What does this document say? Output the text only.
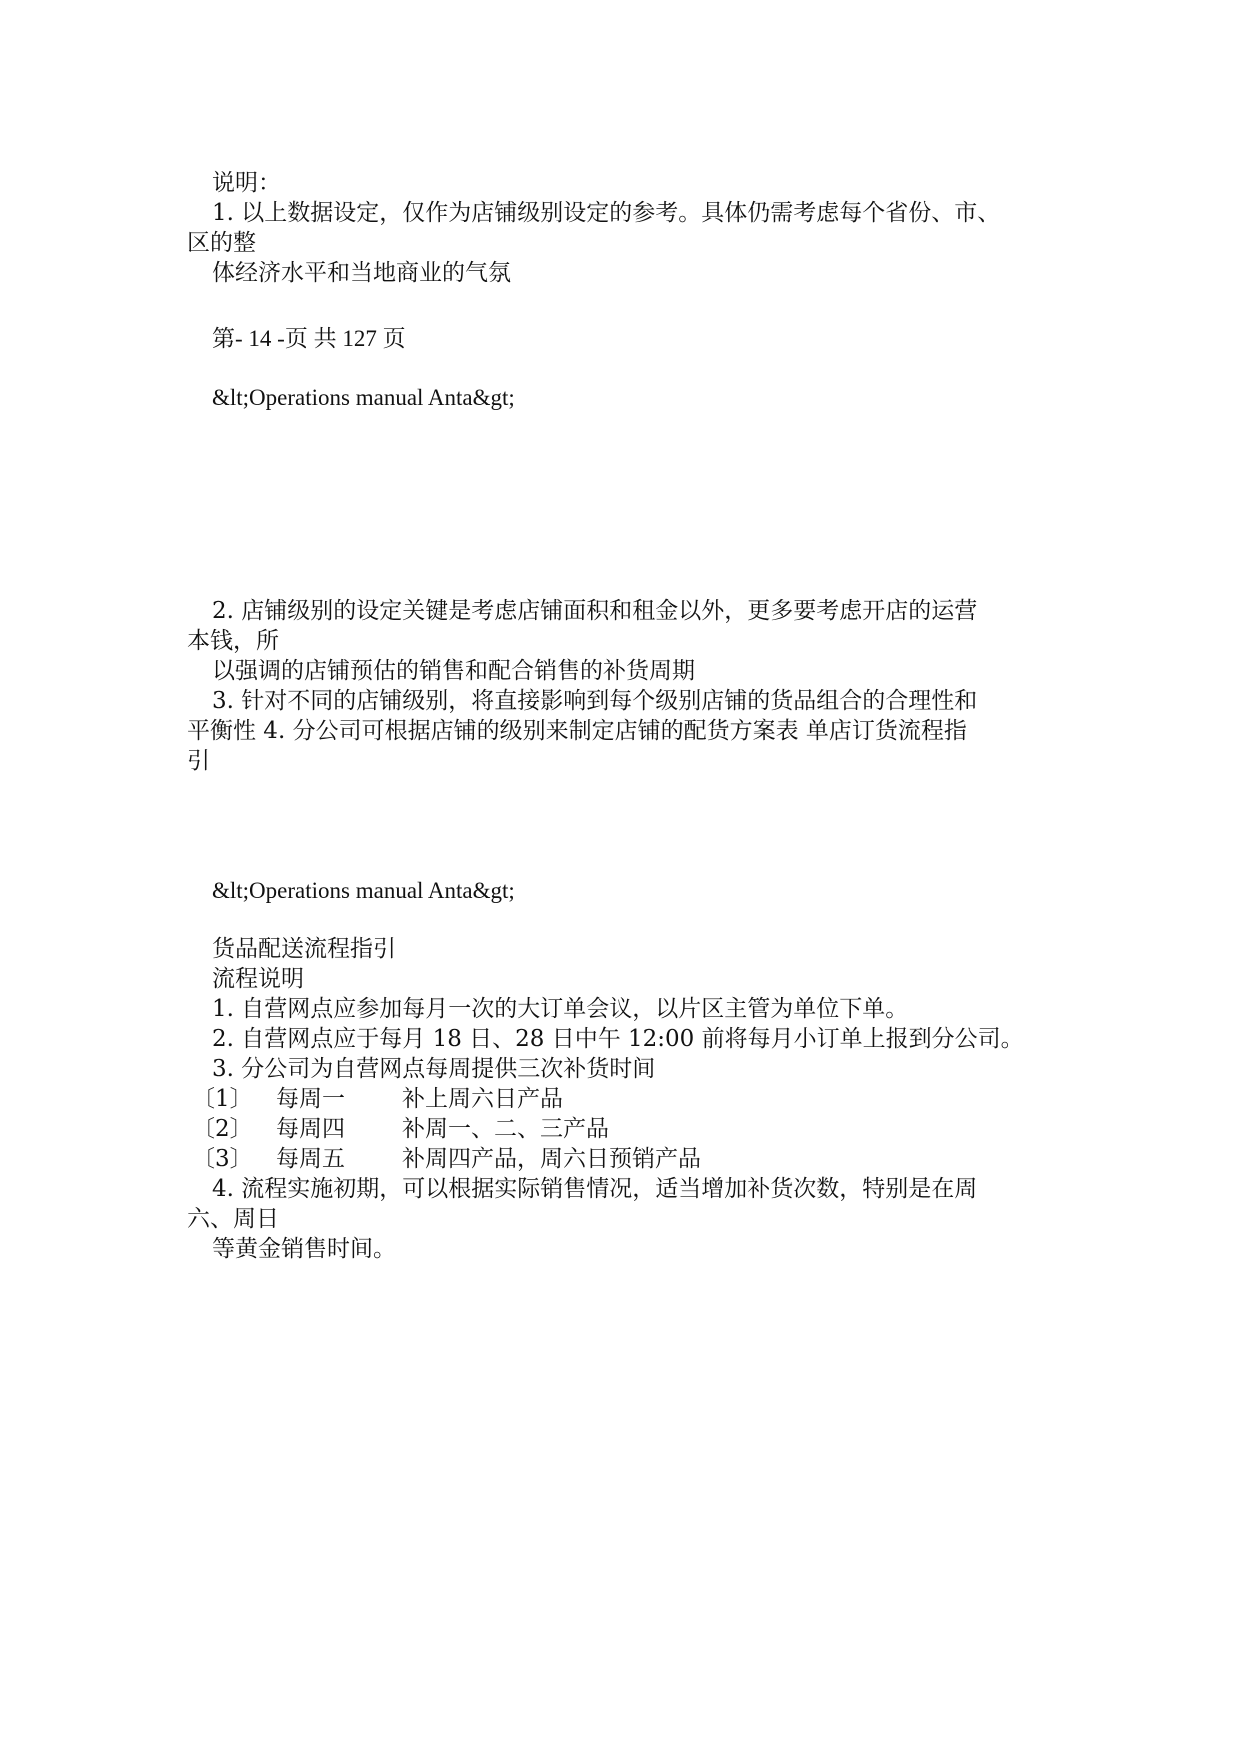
说明：
1. 以上数据设定，仅作为店铺级别设定的参考。具体仍需考虑每个省份、市、
区的整
体经济水平和当地商业的气氛
第- 14 -页 共 127 页
&lt;Operations manual Anta&gt;
2. 店铺级别的设定关键是考虑店铺面积和租金以外，更多要考虑开店的运营
本钱，所
以强调的店铺预估的销售和配合销售的补货周期
3. 针对不同的店铺级别，将直接影响到每个级别店铺的货品组合的合理性和
平衡性 4. 分公司可根据店铺的级别来制定店铺的配货方案表 单店订货流程指
引
&lt;Operations manual Anta&gt;
货品配送流程指引
流程说明
1. 自营网点应参加每月一次的大订单会议，以片区主管为单位下单。
2. 自营网点应于每月 18 日、28 日中午 12:00 前将每月小订单上报到分公司。
3. 分公司为自营网点每周提供三次补货时间
〔1〕 每周一 补上周六日产品
〔2〕 每周四 补周一、二、三产品
〔3〕 每周五 补周四产品，周六日预销产品
4. 流程实施初期，可以根据实际销售情况，适当增加补货次数，特别是在周
六、周日
等黄金销售时间。
